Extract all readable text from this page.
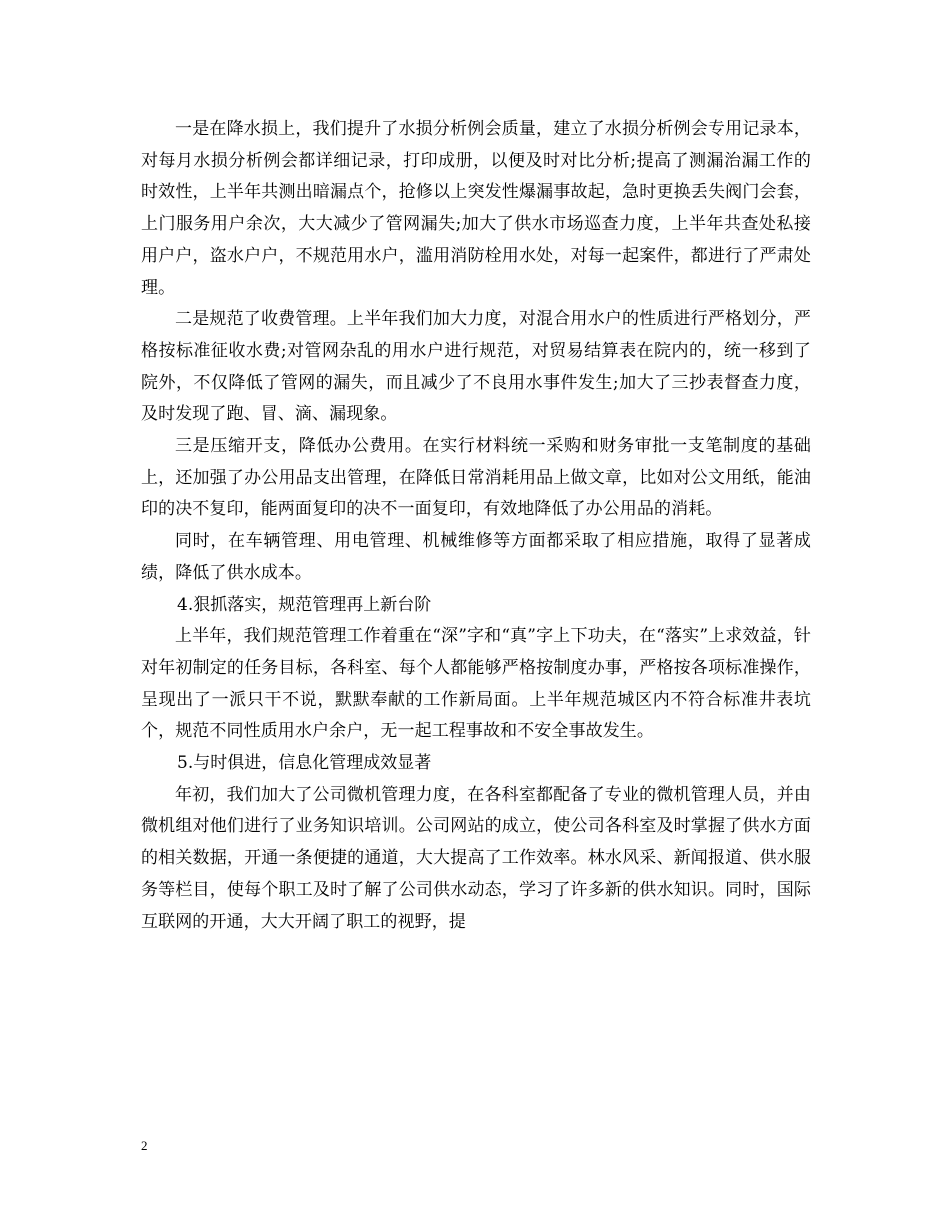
一是在降水损上，我们提升了水损分析例会质量，建立了水损分析例会专用记录本，对每月水损分析例会都详细记录，打印成册，以便及时对比分析;提高了测漏治漏工作的时效性，上半年共测出暗漏点个，抢修以上突发性爆漏事故起，急时更换丢失阀门会套，上门服务用户余次，大大减少了管网漏失;加大了供水市场巡查力度，上半年共查处私接用户户，盗水户户，不规范用水户，滥用消防栓用水处，对每一起案件，都进行了严肃处理。

二是规范了收费管理。上半年我们加大力度，对混合用水户的性质进行严格划分，严格按标准征收水费;对管网杂乱的用水户进行规范，对贸易结算表在院内的，统一移到了院外，不仅降低了管网的漏失，而且减少了不良用水事件发生;加大了三抄表督查力度，及时发现了跑、冒、滴、漏现象。

三是压缩开支，降低办公费用。在实行材料统一采购和财务审批一支笔制度的基础上，还加强了办公用品支出管理，在降低日常消耗用品上做文章，比如对公文用纸，能油印的决不复印，能两面复印的决不一面复印，有效地降低了办公用品的消耗。

同时，在车辆管理、用电管理、机械维修等方面都采取了相应措施，取得了显著成绩，降低了供水成本。

4.狠抓落实，规范管理再上新台阶

上半年，我们规范管理工作着重在“深”字和“真”字上下功夫，在“落实”上求效益，针对年初制定的任务目标，各科室、每个人都能够严格按制度办事，严格按各项标准操作，呈现出了一派只干不说，默默奉献的工作新局面。上半年规范城区内不符合标准井表坑个，规范不同性质用水户余户，无一起工程事故和不安全事故发生。

5.与时俱进，信息化管理成效显著

年初，我们加大了公司微机管理力度，在各科室都配备了专业的微机管理人员，并由微机组对他们进行了业务知识培训。公司网站的成立，使公司各科室及时掌握了供水方面的相关数据，开通一条便捷的通道，大大提高了工作效率。林水风采、新闻报道、供水服务等栏目，使每个职工及时了解了公司供水动态，学习了许多新的供水知识。同时，国际互联网的开通，大大开阔了职工的视野，提

2
